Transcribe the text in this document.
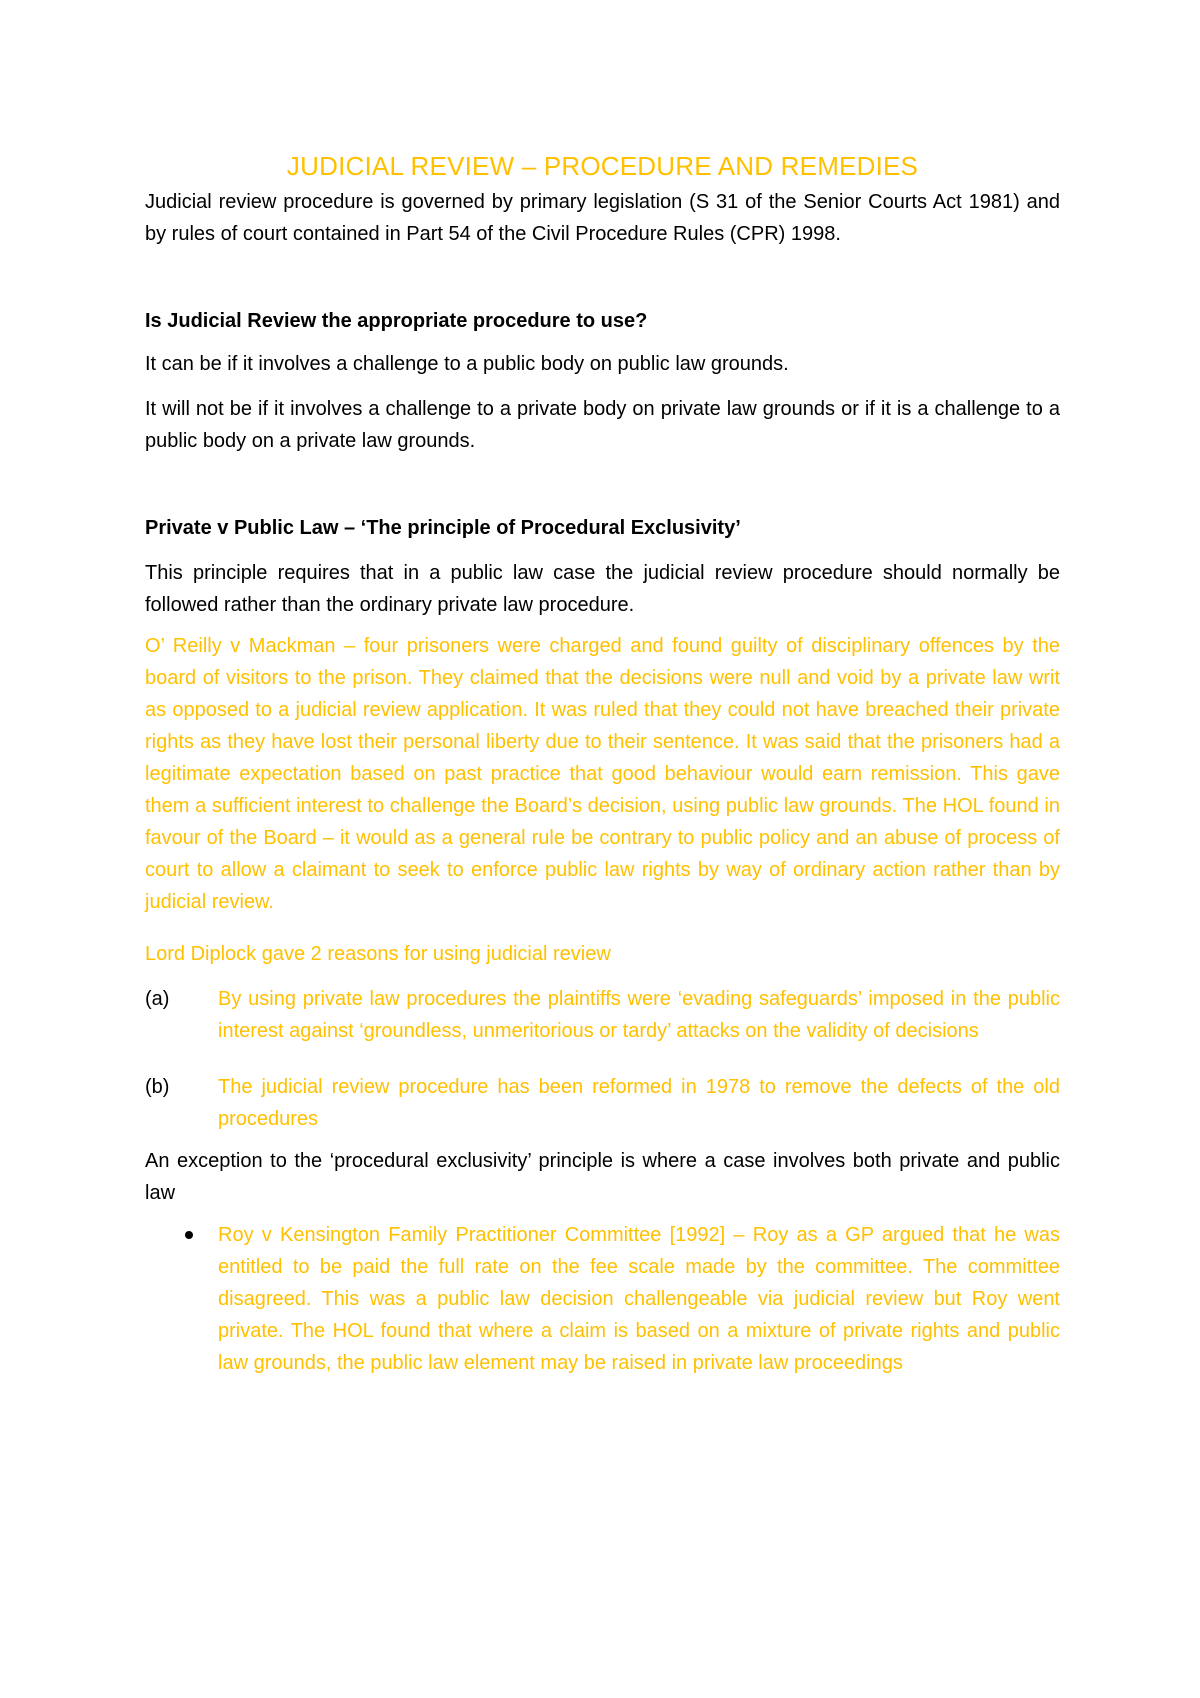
JUDICIAL REVIEW – PROCEDURE AND REMEDIES

Judicial review procedure is governed by primary legislation (S 31 of the Senior Courts Act 1981) and by rules of court contained in Part 54 of the Civil Procedure Rules (CPR) 1998.

Is Judicial Review the appropriate procedure to use?

It can be if it involves a challenge to a public body on public law grounds.

It will not be if it involves a challenge to a private body on private law grounds or if it is a challenge to a public body on a private law grounds.

Private v Public Law – ‘The principle of Procedural Exclusivity’

This principle requires that in a public law case the judicial review procedure should normally be followed rather than the ordinary private law procedure.

O’ Reilly v Mackman – four prisoners were charged and found guilty of disciplinary offences by the board of visitors to the prison. They claimed that the decisions were null and void by a private law writ as opposed to a judicial review application. It was ruled that they could not have breached their private rights as they have lost their personal liberty due to their sentence. It was said that the prisoners had a legitimate expectation based on past practice that good behaviour would earn remission. This gave them a sufficient interest to challenge the Board’s decision, using public law grounds. The HOL found in favour of the Board – it would as a general rule be contrary to public policy and an abuse of process of court to allow a claimant to seek to enforce public law rights by way of ordinary action rather than by judicial review.

Lord Diplock gave 2 reasons for using judicial review

(a) By using private law procedures the plaintiffs were ‘evading safeguards’ imposed in the public interest against ‘groundless, unmeritorious or tardy’ attacks on the validity of decisions
(b) The judicial review procedure has been reformed in 1978 to remove the defects of the old procedures

An exception to the ‘procedural exclusivity’ principle is where a case involves both private and public law

Roy v Kensington Family Practitioner Committee [1992] – Roy as a GP argued that he was entitled to be paid the full rate on the fee scale made by the committee. The committee disagreed. This was a public law decision challengeable via judicial review but Roy went private. The HOL found that where a claim is based on a mixture of private rights and public law grounds, the public law element may be raised in private law proceedings
